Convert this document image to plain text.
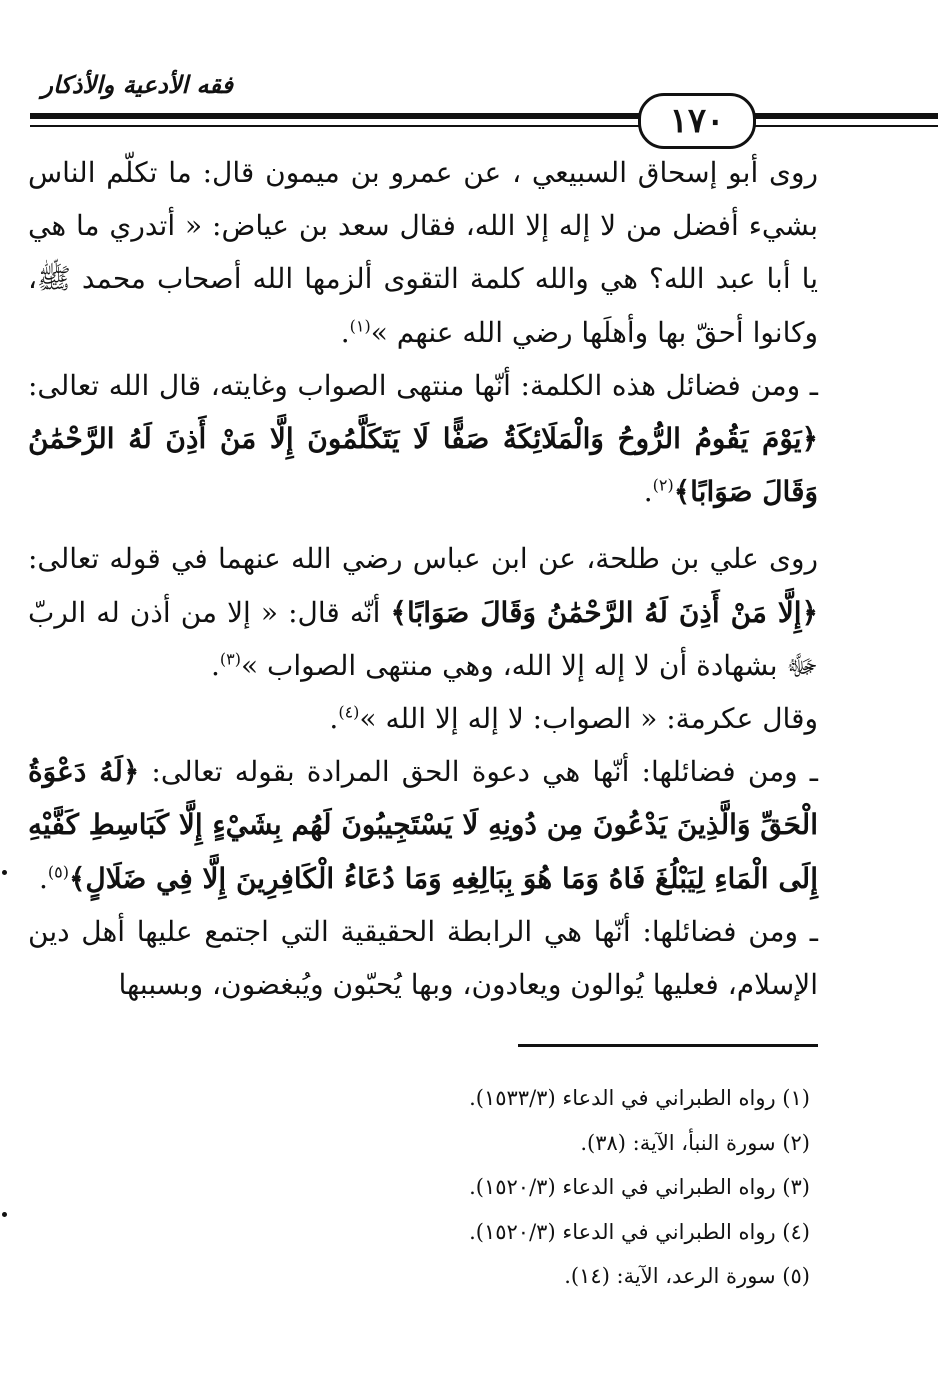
فقه الأدعية والأذكار
١٧٠

روى أبو إسحاق السبيعي ، عن عمرو بن ميمون قال: ما تكلّم الناس بشيء أفضل من لا إله إلا الله، فقال سعد بن عياض: « أتدري ما هي يا أبا عبد الله؟ هي والله كلمة التقوى ألزمها الله أصحاب محمد ﷺ، وكانوا أحقّ بها وأهلَها رضي الله عنهم »$^{(١)}$.

ـ ومن فضائل هذه الكلمة: أنّها منتهى الصواب وغايته، قال الله تعالى: ﴿يَوْمَ يَقُومُ الرُّوحُ وَالْمَلَائِكَةُ صَفًّا لَا يَتَكَلَّمُونَ إِلَّا مَنْ أَذِنَ لَهُ الرَّحْمَٰنُ وَقَالَ صَوَابًا﴾$^{(٢)}$.

روى علي بن طلحة، عن ابن عباس رضي الله عنهما في قوله تعالى: ﴿إِلَّا مَنْ أَذِنَ لَهُ الرَّحْمَٰنُ وَقَالَ صَوَابًا﴾ أنّه قال: « إلا من أذن له الربّ ﷻ بشهادة أن لا إله إلا الله، وهي منتهى الصواب »$^{(٣)}$.

وقال عكرمة: « الصواب: لا إله إلا الله »$^{(٤)}$.

ـ ومن فضائلها: أنّها هي دعوة الحق المرادة بقوله تعالى: ﴿لَهُ دَعْوَةُ الْحَقِّ وَالَّذِينَ يَدْعُونَ مِن دُونِهِ لَا يَسْتَجِيبُونَ لَهُم بِشَيْءٍ إِلَّا كَبَاسِطِ كَفَّيْهِ إِلَى الْمَاءِ لِيَبْلُغَ فَاهُ وَمَا هُوَ بِبَالِغِهِ وَمَا دُعَاءُ الْكَافِرِينَ إِلَّا فِي ضَلَالٍ﴾$^{(٥)}$.

ـ ومن فضائلها: أنّها هي الرابطة الحقيقية التي اجتمع عليها أهل دين الإسلام، فعليها يُوالون ويعادون، وبها يُحبّون ويُبغضون، وبسببها

(١) رواه الطبراني في الدعاء (١٥٣٣/٣).
(٢) سورة النبأ، الآية: (٣٨).
(٣) رواه الطبراني في الدعاء (١٥٢٠/٣).
(٤) رواه الطبراني في الدعاء (١٥٢٠/٣).
(٥) سورة الرعد، الآية: (١٤).
